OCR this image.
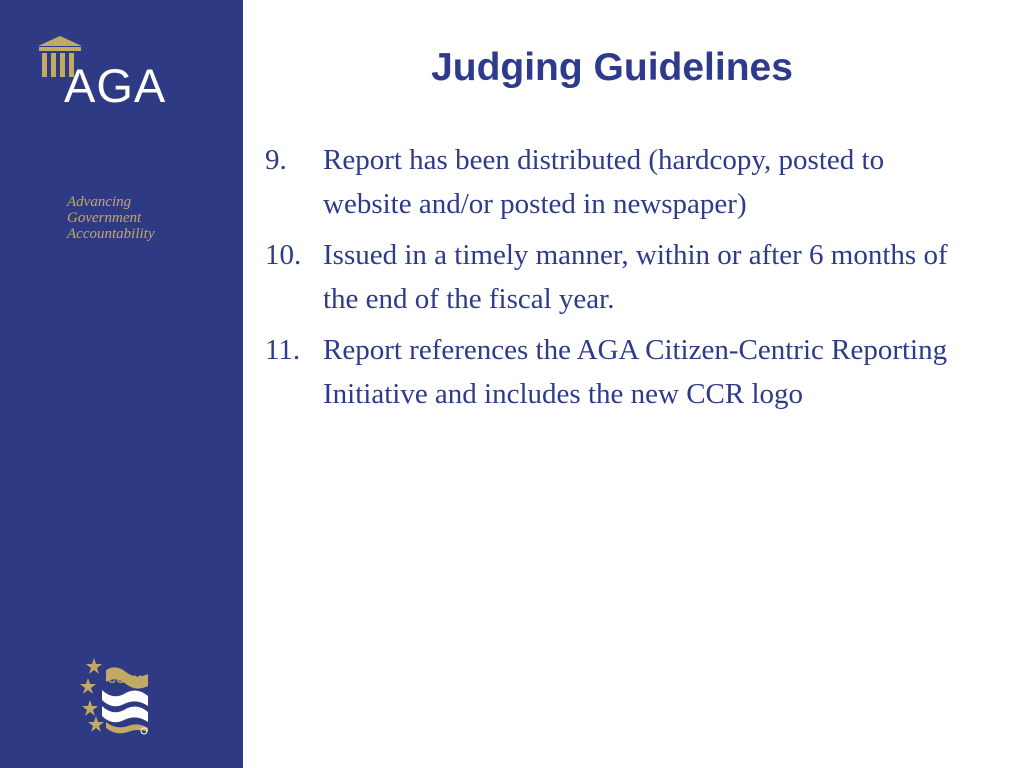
AGA
Advancing
Government
Accountability
CGFM
Judging Guidelines
9.	Report has been distributed (hardcopy, posted to website and/or posted in newspaper)
10. Issued in a timely manner, within or after 6 months of the end of the fiscal year.
11. Report references the AGA Citizen-Centric Reporting Initiative and includes the new CCR logo
